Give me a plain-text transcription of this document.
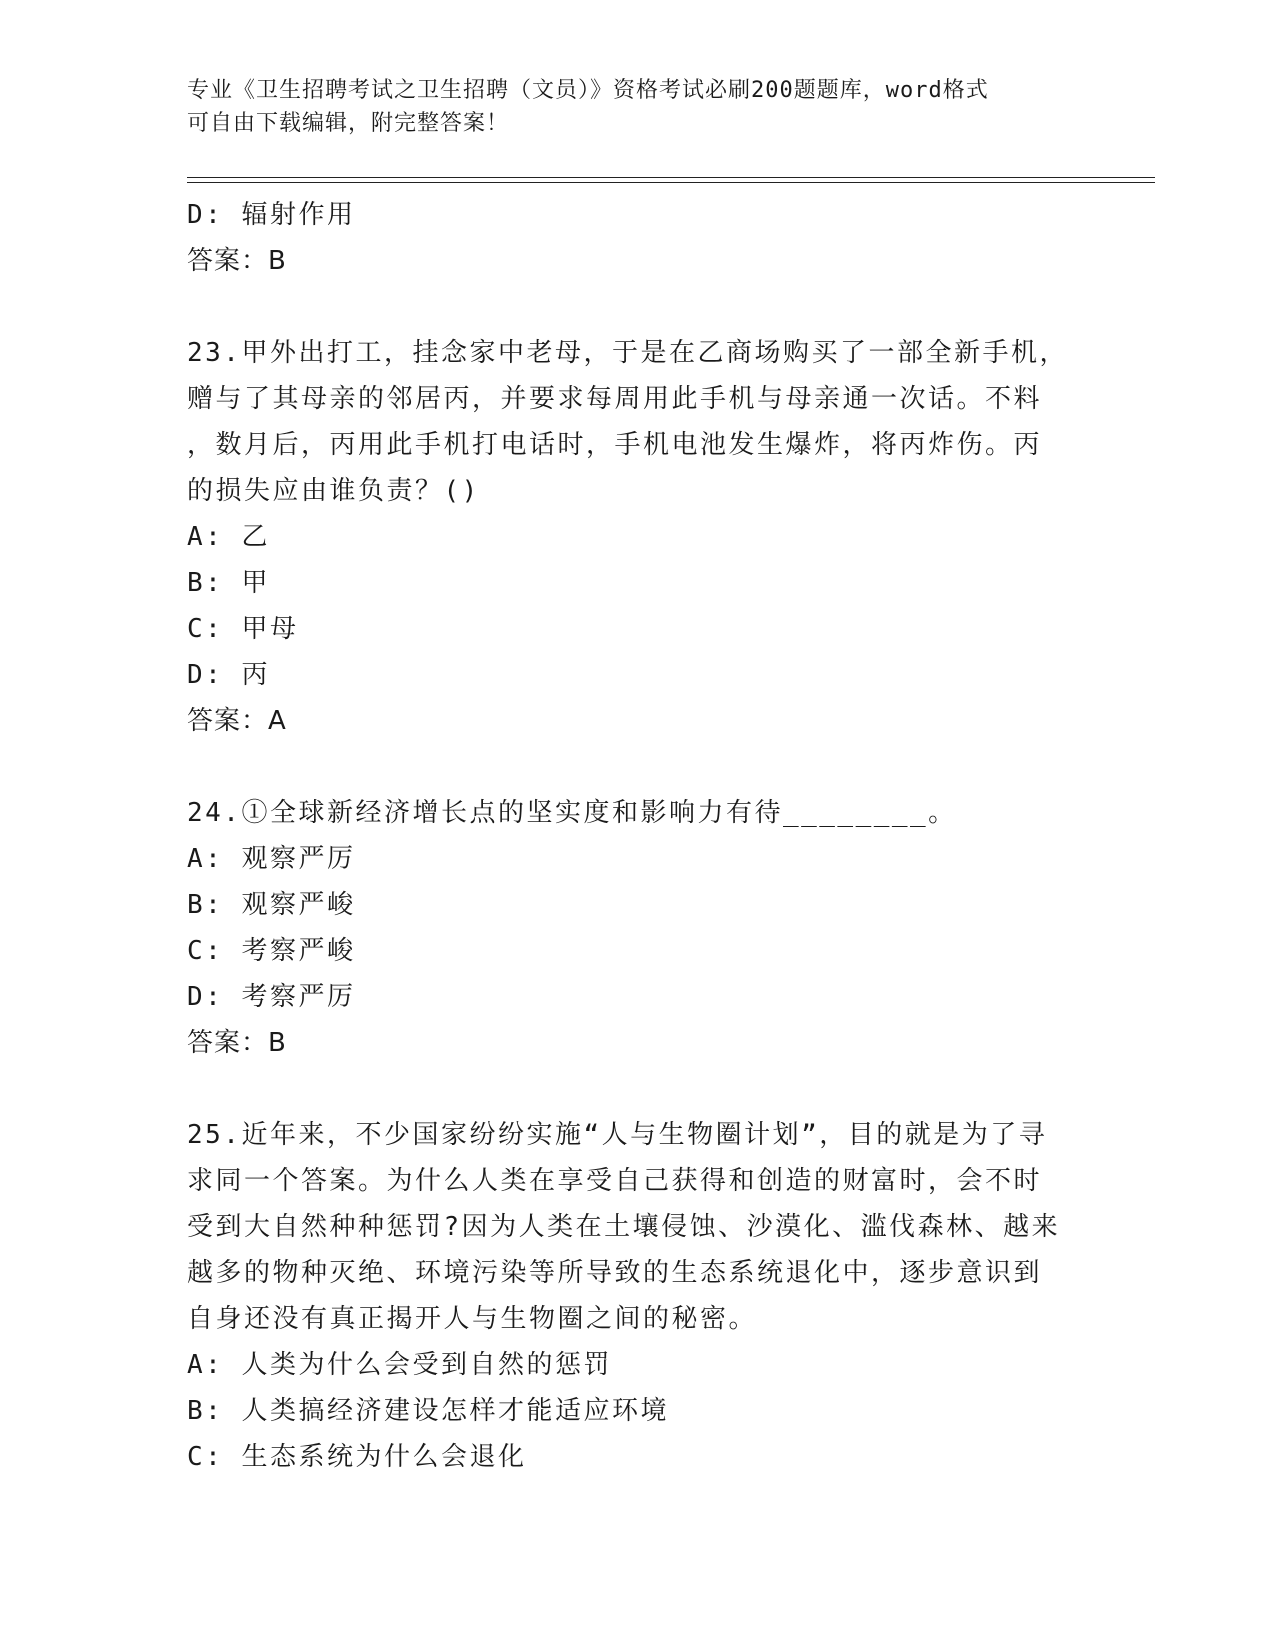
专业《卫生招聘考试之卫生招聘（文员）》资格考试必刷200题题库，word格式
可自由下载编辑，附完整答案！
D: 辐射作用
答案：B
23.甲外出打工，挂念家中老母，于是在乙商场购买了一部全新手机，
赠与了其母亲的邻居丙，并要求每周用此手机与母亲通一次话。不料
，数月后，丙用此手机打电话时，手机电池发生爆炸，将丙炸伤。丙
的损失应由谁负责？()
A: 乙
B: 甲
C: 甲母
D: 丙
答案：A
24.①全球新经济增长点的坚实度和影响力有待________。
A: 观察严厉
B: 观察严峻
C: 考察严峻
D: 考察严厉
答案：B
25.近年来，不少国家纷纷实施“人与生物圈计划”，目的就是为了寻
求同一个答案。为什么人类在享受自己获得和创造的财富时，会不时
受到大自然种种惩罚?因为人类在土壤侵蚀、沙漠化、滥伐森林、越来
越多的物种灭绝、环境污染等所导致的生态系统退化中，逐步意识到
自身还没有真正揭开人与生物圈之间的秘密。
A: 人类为什么会受到自然的惩罚
B: 人类搞经济建设怎样才能适应环境
C: 生态系统为什么会退化
